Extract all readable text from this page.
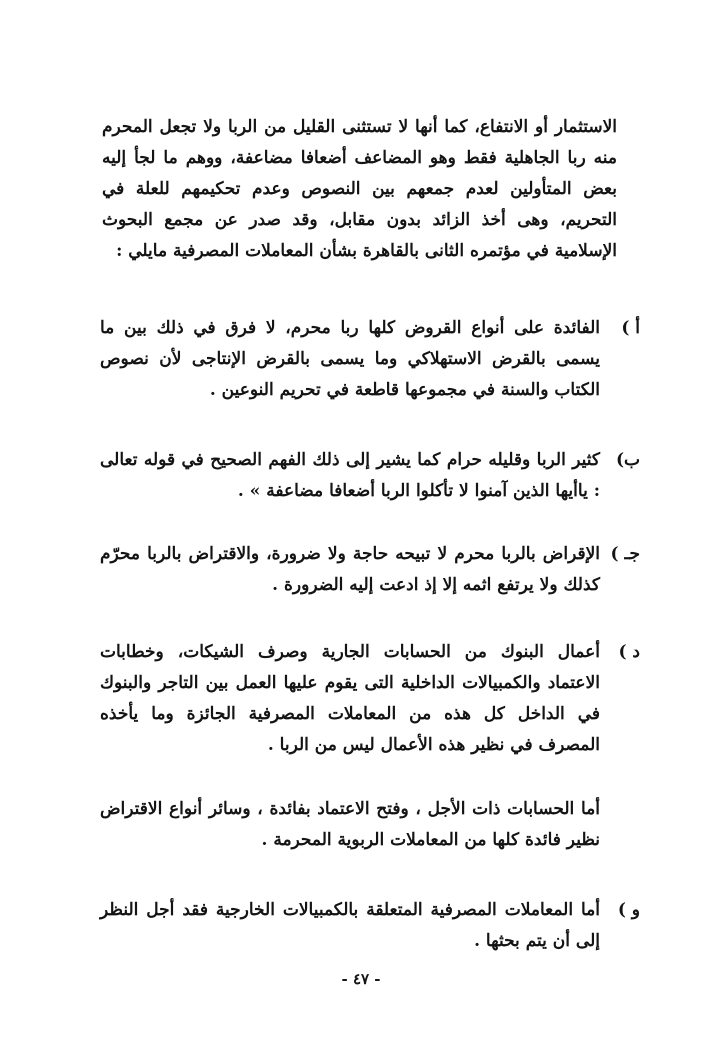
الاستثمار أو الانتفاع، كما أنها لا تستثنى القليل من الربا ولا تجعل المحرم منه ربا الجاهلية فقط وهو المضاعف أضعافا مضاعفة، ووهم ما لجأ إليه بعض المتأولين لعدم جمعهم بين النصوص وعدم تحكيمهم للعلة في التحريم، وهى أخذ الزائد بدون مقابل، وقد صدر عن مجمع البحوث الإسلامية في مؤتمره الثانى بالقاهرة بشأن المعاملات المصرفية مايلي :

أ )

الفائدة على أنواع القروض كلها ربا محرم، لا فرق في ذلك بين ما يسمى بالقرض الاستهلاكي وما يسمى بالقرض الإنتاجى لأن نصوص الكتاب والسنة في مجموعها قاطعة في تحريم النوعين .

ب)

كثير الربا وقليله حرام كما يشير إلى ذلك الفهم الصحيح في قوله تعالى : ياأيها الذين آمنوا لا تأكلوا الربا أضعافا مضاعفة » .

جـ )

الإقراض بالربا محرم لا تبيحه حاجة ولا ضرورة، والاقتراض بالربا محرّم كذلك ولا يرتفع اثمه إلا إذ ادعت إليه الضرورة .

د )

أعمال البنوك من الحسابات الجارية وصرف الشيكات، وخطابات الاعتماد والكمبيالات الداخلية التى يقوم عليها العمل بين التاجر والبنوك في الداخل كل هذه من المعاملات المصرفية الجائزة وما يأخذه المصرف في نظير هذه الأعمال ليس من الربا .

أما الحسابات ذات الأجل ، وفتح الاعتماد بفائدة ، وسائر أنواع الاقتراض نظير فائدة كلها من المعاملات الربوية المحرمة .

و )

أما المعاملات المصرفية المتعلقة بالكمبيالات الخارجية فقد أجل النظر إلى أن يتم بحثها .

- ٤٧ -
